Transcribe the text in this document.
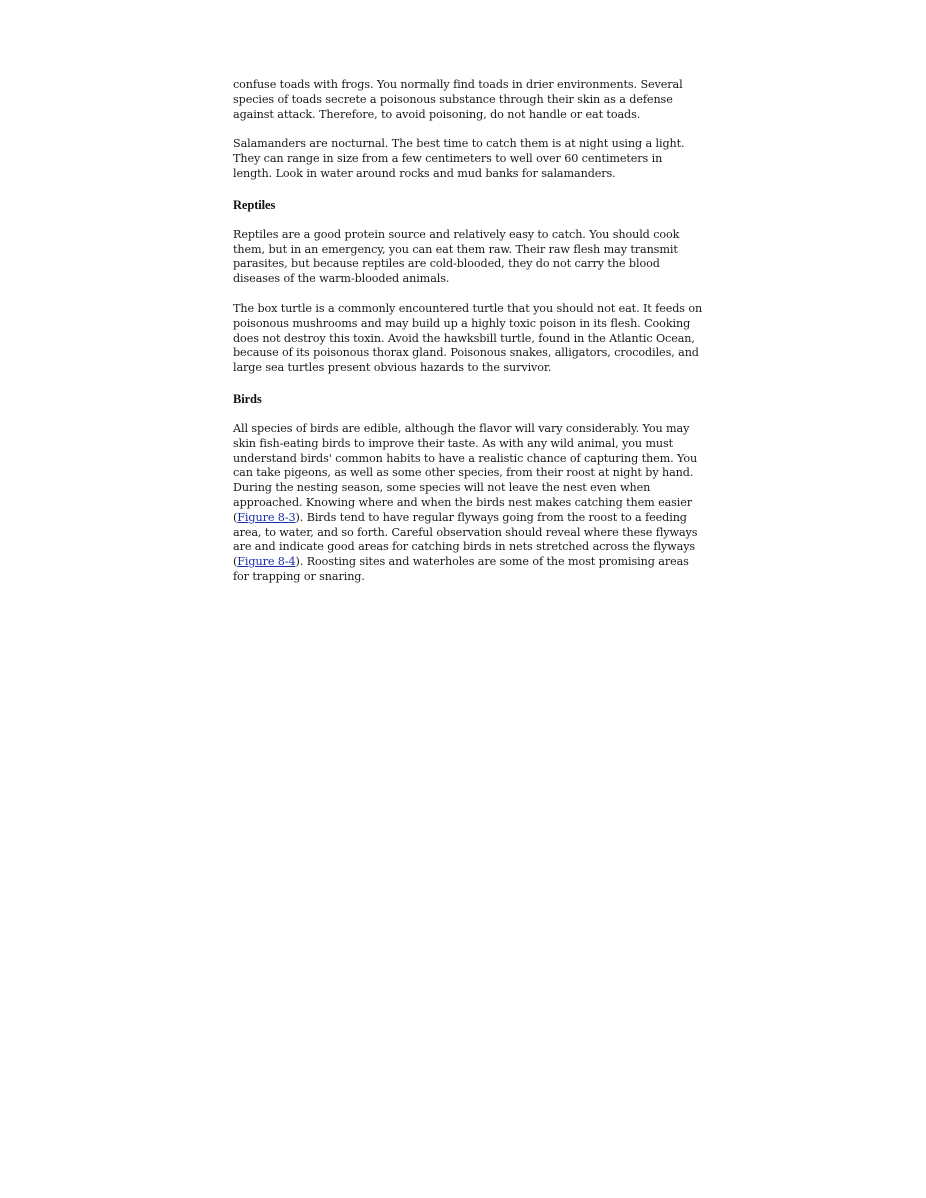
confuse toads with frogs. You normally find toads in drier environments. Several species of toads secrete a poisonous substance through their skin as a defense against attack. Therefore, to avoid poisoning, do not handle or eat toads.

Salamanders are nocturnal. The best time to catch them is at night using a light. They can range in size from a few centimeters to well over 60 centimeters in length. Look in water around rocks and mud banks for salamanders.

Reptiles

Reptiles are a good protein source and relatively easy to catch. You should cook them, but in an emergency, you can eat them raw. Their raw flesh may transmit parasites, but because reptiles are cold-blooded, they do not carry the blood diseases of the warm-blooded animals.

The box turtle is a commonly encountered turtle that you should not eat. It feeds on poisonous mushrooms and may build up a highly toxic poison in its flesh. Cooking does not destroy this toxin. Avoid the hawksbill turtle, found in the Atlantic Ocean, because of its poisonous thorax gland. Poisonous snakes, alligators, crocodiles, and large sea turtles present obvious hazards to the survivor.

Birds

All species of birds are edible, although the flavor will vary considerably. You may skin fish-eating birds to improve their taste. As with any wild animal, you must understand birds' common habits to have a realistic chance of capturing them. You can take pigeons, as well as some other species, from their roost at night by hand. During the nesting season, some species will not leave the nest even when approached. Knowing where and when the birds nest makes catching them easier (Figure 8-3). Birds tend to have regular flyways going from the roost to a feeding area, to water, and so forth. Careful observation should reveal where these flyways are and indicate good areas for catching birds in nets stretched across the flyways (Figure 8-4). Roosting sites and waterholes are some of the most promising areas for trapping or snaring.
